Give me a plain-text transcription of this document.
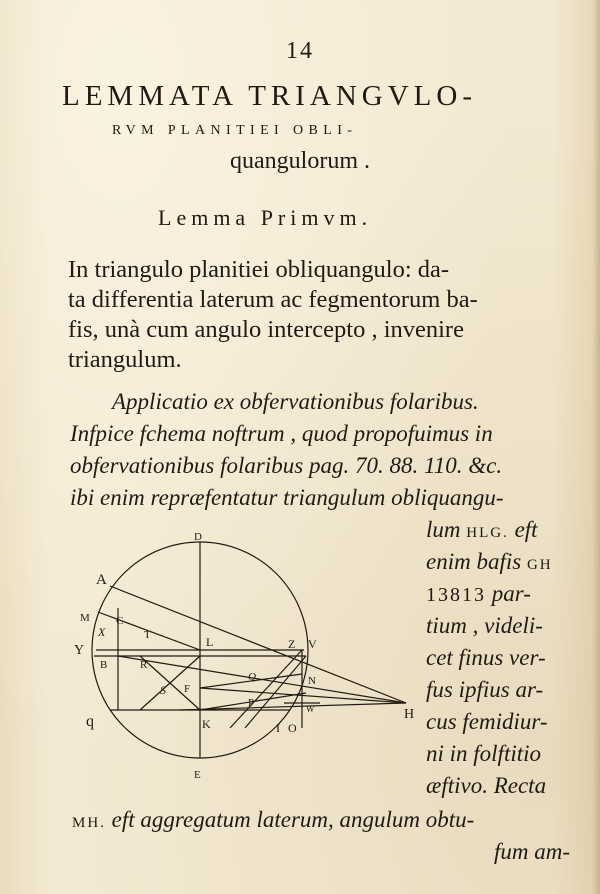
14
LEMMATA TRIANGVLO-
RVM PLANITIEI OBLI-
quangulorum .
Lemma Primvm.
In triangulo planitiei obliquangulo: da-
ta differentia laterum ac fegmentorum ba-
fis, unà cum angulo intercepto , invenire
triangulum.
Applicatio ex obfervationibus folaribus.
Infpice fchema noftrum , quod propofuimus in
obfervationibus folaribus pag. 70. 88. 110. &c.
ibi enim repræfentatur triangulum obliquangu-
lum HLG. eft
enim bafis GH
13813 par-
tium , videli-
cet finus ver-
fus ipfius ar-
cus femidiur-
ni in folftitio
æftivo. Recta
MH. eft aggregatum laterum, angulum obtu-
fum am-
D
A
M
X
C
T
Y
B	R
L	Z V
S F
Q	N
P	W
I O
q	K
E
H
